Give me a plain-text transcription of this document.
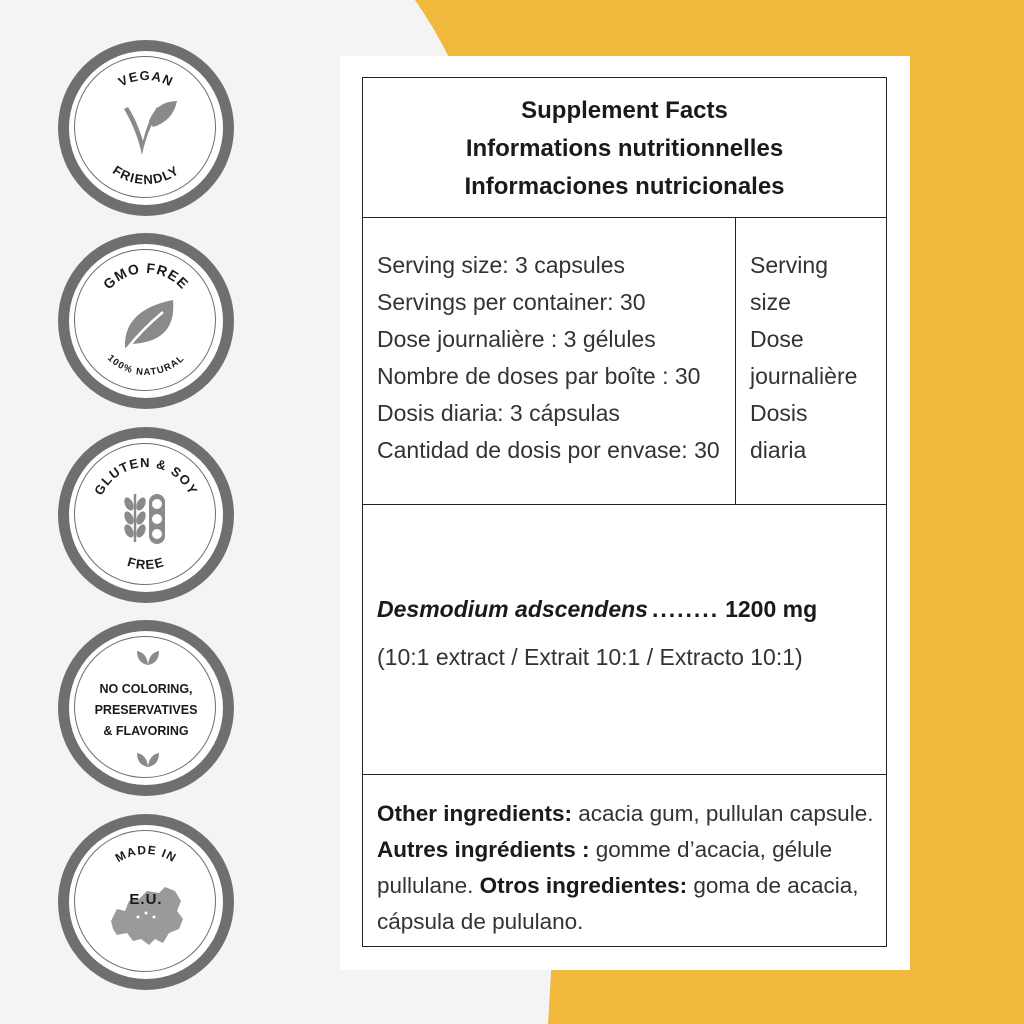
VEGAN
FRIENDLY
GMO FREE
100% NATURAL
GLUTEN & SOY
FREE
NO COLORING,
PRESERVATIVES
& FLAVORING
MADE IN
E.U.
Supplement Facts
Informations nutritionnelles
Informaciones nutricionales
Serving size: 3 capsules
Servings per container: 30
Dose journalière : 3 gélules
Nombre de doses par boîte : 30
Dosis diaria: 3 cápsulas
Cantidad de dosis por envase: 30
Serving
size
Dose
journalière
Dosis
diaria
Desmodium adscendens ........ 1200 mg
(10:1 extract / Extrait 10:1 / Extracto 10:1)
Other ingredients: acacia gum, pullulan capsule.
Autres ingrédients : gomme d’acacia, gélule pullulane. Otros ingredientes: goma de acacia, cápsula de pululano.
